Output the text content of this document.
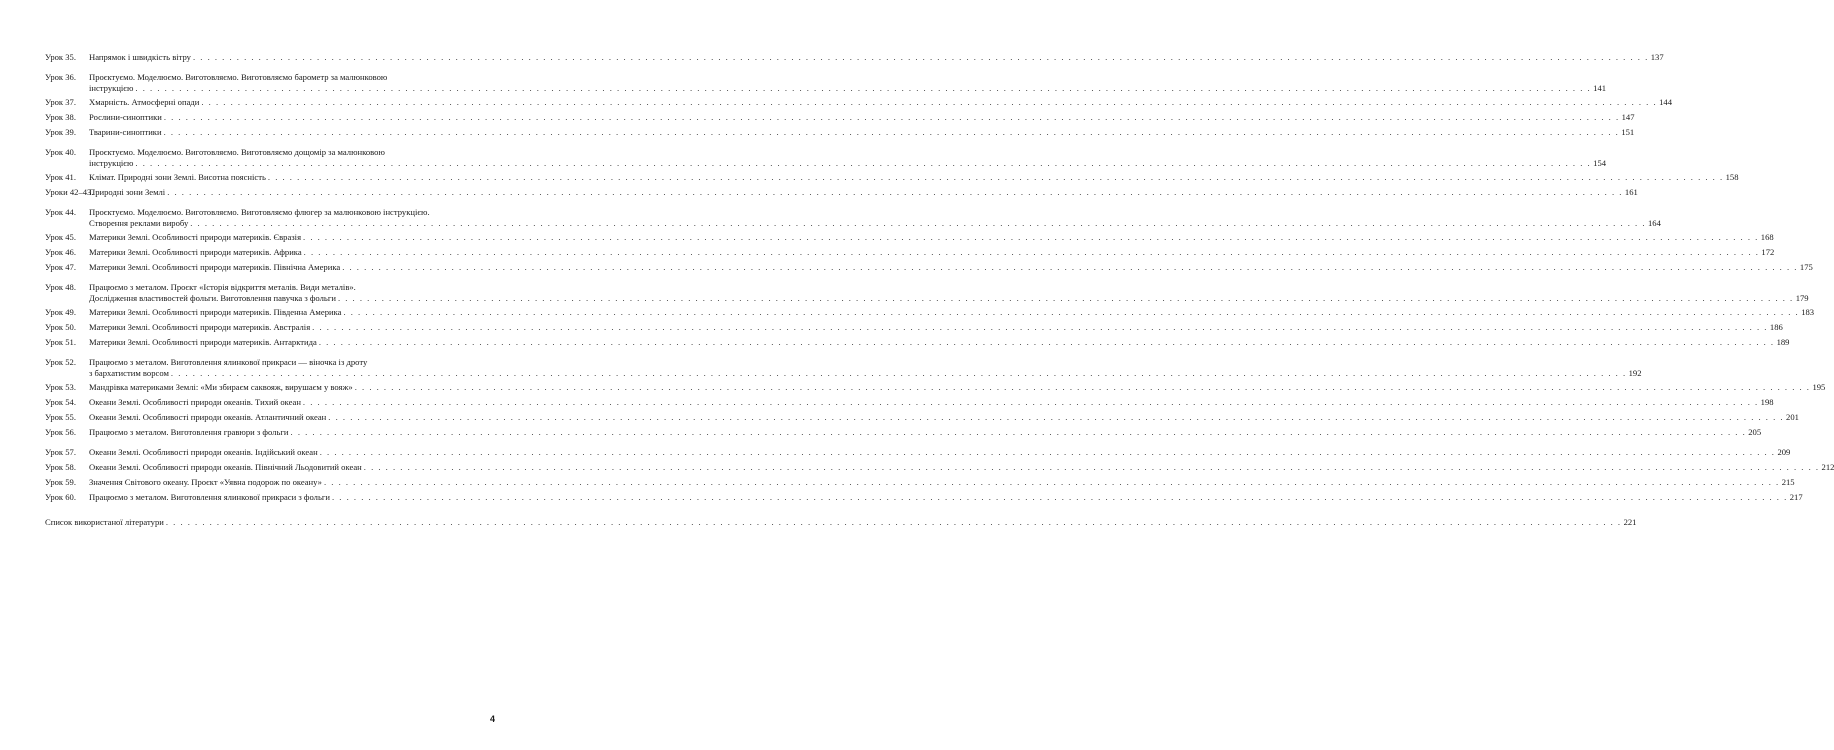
Урок 35. Напрямок і швидкість вітру . . . . . . . . . . . . . . . . . . . . . . . . . . . . . . . . . . . . . . . . . . . . . . . . . . . . . . . . . . . . . . . . . . . . . . . . . . . . . . . . . . . . . . . . . . . . . . . . . . . . . . . . . . . . . . . . . . . . . . . . . . . . . . . . . . . . . . . . . . . . . . . . . . . . . . . . . . . . . . . . . . . . . . . . . . . . . . . . . . . . . . . . . . . . . . . . . . . . . . . . 137
Урок 36. Проєктуємо. Моделюємо. Виготовляємо. Виготовляємо барометр за малюнковою
інструкцією . . . . . . . . . . . . . . . . . . . . . . . . . . . . . . . . . . . . . . . . . . . . . . . . . . . . . . . . . . . . . . . . . . . . . . . . . . . . . . . . . . . . . . . . . . . . . . . . . . . . . . . . . . . . . . . . . . . . . . . . . . . . . . . . . . . . . . . . . . . . . . . . . . . . . . . . . . . . . . . . . . . . . . . . . . . . . . . . . . . . . . . . . . . . . . . . . . . . . . . . 141
Урок 37. Хмарність. Атмосферні опади . . . . . . . . . . . . . . . . . . . . . . . . . . . . . . . . . . . . . . . . . . . . . . . . . . . . . . . . . . . . . . . . . . . . . . . . . . . . . . . . . . . . . . . . . . . . . . . . . . . . . . . . . . . . . . . . . . . . . . . . . . . . . . . . . . . . . . . . . . . . . . . . . . . . . . . . . . . . . . . . . . . . . . . . . . . . . . . . . . . . . . . . . . . . . . . . . . . . . . . . 144
Урок 38. Рослини-синоптики . . . . . . . . . . . . . . . . . . . . . . . . . . . . . . . . . . . . . . . . . . . . . . . . . . . . . . . . . . . . . . . . . . . . . . . . . . . . . . . . . . . . . . . . . . . . . . . . . . . . . . . . . . . . . . . . . . . . . . . . . . . . . . . . . . . . . . . . . . . . . . . . . . . . . . . . . . . . . . . . . . . . . . . . . . . . . . . . . . . . . . . . . . . . . . . . . . . . . . . . 147
Урок 39. Тварини-синоптики . . . . . . . . . . . . . . . . . . . . . . . . . . . . . . . . . . . . . . . . . . . . . . . . . . . . . . . . . . . . . . . . . . . . . . . . . . . . . . . . . . . . . . . . . . . . . . . . . . . . . . . . . . . . . . . . . . . . . . . . . . . . . . . . . . . . . . . . . . . . . . . . . . . . . . . . . . . . . . . . . . . . . . . . . . . . . . . . . . . . . . . . . . . . . . . . . . . . . . . . 151
Урок 40. Проєктуємо. Моделюємо. Виготовляємо. Виготовляємо дощомір за малюнковою
інструкцією . . . . . . . . . . . . . . . . . . . . . . . . . . . . . . . . . . . . . . . . . . . . . . . . . . . . . . . . . . . . . . . . . . . . . . . . . . . . . . . . . . . . . . . . . . . . . . . . . . . . . . . . . . . . . . . . . . . . . . . . . . . . . . . . . . . . . . . . . . . . . . . . . . . . . . . . . . . . . . . . . . . . . . . . . . . . . . . . . . . . . . . . . . . . . . . . . . . . . . . . 154
Урок 41. Клімат. Природні зони Землі. Висотна поясність . . . . . . . . . . . . . . . . . . . . . . . . . . . . . . . . . . . . . . . . . . . . . . . . . . . . . . . . . . . . . . . . . . . . . . . . . . . . . . . . . . . . . . . . . . . . . . . . . . . . . . . . . . . . . . . . . . . . . . . . . . . . . . . . . . . . . . . . . . . . . . . . . . . . . . . . . . . . . . . . . . . . . . . . . . . . . . . . . . . . . . . . . . . . . . . . . . . . . . . . 158
Уроки 42–43.
Природні зони Землі . . . . . . . . . . . . . . . . . . . . . . . . . . . . . . . . . . . . . . . . . . . . . . . . . . . . . . . . . . . . . . . . . . . . . . . . . . . . . . . . . . . . . . . . . . . . . . . . . . . . . . . . . . . . . . . . . . . . . . . . . . . . . . . . . . . . . . . . . . . . . . . . . . . . . . . . . . . . . . . . . . . . . . . . . . . . . . . . . . . . . . . . . . . . . . . . . . . . . . . . 161
Урок 44. Проєктуємо. Моделюємо. Виготовляємо. Виготовляємо флюгер за малюнковою інструкцією.
Створення реклами виробу . . . . . . . . . . . . . . . . . . . . . . . . . . . . . . . . . . . . . . . . . . . . . . . . . . . . . . . . . . . . . . . . . . . . . . . . . . . . . . . . . . . . . . . . . . . . . . . . . . . . . . . . . . . . . . . . . . . . . . . . . . . . . . . . . . . . . . . . . . . . . . . . . . . . . . . . . . . . . . . . . . . . . . . . . . . . . . . . . . . . . . . . . . . . . . . . . . . . . . . . 164
Урок 45. Материки Землі. Особливості природи материків. Євразія . . . . . . . . . . . . . . . . . . . . . . . . . . . . . . . . . . . . . . . . . . . . . . . . . . . . . . . . . . . . . . . . . . . . . . . . . . . . . . . . . . . . . . . . . . . . . . . . . . . . . . . . . . . . . . . . . . . . . . . . . . . . . . . . . . . . . . . . . . . . . . . . . . . . . . . . . . . . . . . . . . . . . . . . . . . . . . . . . . . . . . . . . . . . . . . . . . . . . . . . 168
Урок 46. Материки Землі. Особливості природи материків. Африка . . . . . . . . . . . . . . . . . . . . . . . . . . . . . . . . . . . . . . . . . . . . . . . . . . . . . . . . . . . . . . . . . . . . . . . . . . . . . . . . . . . . . . . . . . . . . . . . . . . . . . . . . . . . . . . . . . . . . . . . . . . . . . . . . . . . . . . . . . . . . . . . . . . . . . . . . . . . . . . . . . . . . . . . . . . . . . . . . . . . . . . . . . . . . . . . . . . . . . . . 172
Урок 47. Материки Землі. Особливості природи материків. Північна Америка . . . . . . . . . . . . . . . . . . . . . . . . . . . . . . . . . . . . . . . . . . . . . . . . . . . . . . . . . . . . . . . . . . . . . . . . . . . . . . . . . . . . . . . . . . . . . . . . . . . . . . . . . . . . . . . . . . . . . . . . . . . . . . . . . . . . . . . . . . . . . . . . . . . . . . . . . . . . . . . . . . . . . . . . . . . . . . . . . . . . . . . . . . . . . . . . . . . . . . . . 175
Урок 48. Працюємо з металом. Проєкт «Історія відкриття металів. Види металів».
Дослідження властивостей фольги. Виготовлення павучка з фольги . . . . . . . . . . . . . . . . . . . . . . . . . . . . . . . . . . . . . . . . . . . . . . . . . . . . . . . . . . . . . . . . . . . . . . . . . . . . . . . . . . . . . . . . . . . . . . . . . . . . . . . . . . . . . . . . . . . . . . . . . . . . . . . . . . . . . . . . . . . . . . . . . . . . . . . . . . . . . . . . . . . . . . . . . . . . . . . . . . . . . . . . . . . . . . . . . . . . . . . . 179
Урок 49. Материки Землі. Особливості природи материків. Південна Америка . . . . . . . . . . . . . . . . . . . . . . . . . . . . . . . . . . . . . . . . . . . . . . . . . . . . . . . . . . . . . . . . . . . . . . . . . . . . . . . . . . . . . . . . . . . . . . . . . . . . . . . . . . . . . . . . . . . . . . . . . . . . . . . . . . . . . . . . . . . . . . . . . . . . . . . . . . . . . . . . . . . . . . . . . . . . . . . . . . . . . . . . . . . . . . . . . . . . . . . . 183
Урок 50. Материки Землі. Особливості природи материків. Австралія . . . . . . . . . . . . . . . . . . . . . . . . . . . . . . . . . . . . . . . . . . . . . . . . . . . . . . . . . . . . . . . . . . . . . . . . . . . . . . . . . . . . . . . . . . . . . . . . . . . . . . . . . . . . . . . . . . . . . . . . . . . . . . . . . . . . . . . . . . . . . . . . . . . . . . . . . . . . . . . . . . . . . . . . . . . . . . . . . . . . . . . . . . . . . . . . . . . . . . . . 186
Урок 51. Материки Землі. Особливості природи материків. Антарктида . . . . . . . . . . . . . . . . . . . . . . . . . . . . . . . . . . . . . . . . . . . . . . . . . . . . . . . . . . . . . . . . . . . . . . . . . . . . . . . . . . . . . . . . . . . . . . . . . . . . . . . . . . . . . . . . . . . . . . . . . . . . . . . . . . . . . . . . . . . . . . . . . . . . . . . . . . . . . . . . . . . . . . . . . . . . . . . . . . . . . . . . . . . . . . . . . . . . . . . . 189
Урок 52. Працюємо з металом. Виготовлення ялинкової прикраси — віночка із дроту
з бархатистим ворсом . . . . . . . . . . . . . . . . . . . . . . . . . . . . . . . . . . . . . . . . . . . . . . . . . . . . . . . . . . . . . . . . . . . . . . . . . . . . . . . . . . . . . . . . . . . . . . . . . . . . . . . . . . . . . . . . . . . . . . . . . . . . . . . . . . . . . . . . . . . . . . . . . . . . . . . . . . . . . . . . . . . . . . . . . . . . . . . . . . . . . . . . . . . . . . . . . . . . . . . . 192
Урок 53. Мандрівка материками Землі: «Ми збираєм саквояж, вирушаєм у вояж» . . . . . . . . . . . . . . . . . . . . . . . . . . . . . . . . . . . . . . . . . . . . . . . . . . . . . . . . . . . . . . . . . . . . . . . . . . . . . . . . . . . . . . . . . . . . . . . . . . . . . . . . . . . . . . . . . . . . . . . . . . . . . . . . . . . . . . . . . . . . . . . . . . . . . . . . . . . . . . . . . . . . . . . . . . . . . . . . . . . . . . . . . . . . . . . . . . . . . . . . 195
Урок 54. Океани Землі. Особливості природи океанів. Тихий океан . . . . . . . . . . . . . . . . . . . . . . . . . . . . . . . . . . . . . . . . . . . . . . . . . . . . . . . . . . . . . . . . . . . . . . . . . . . . . . . . . . . . . . . . . . . . . . . . . . . . . . . . . . . . . . . . . . . . . . . . . . . . . . . . . . . . . . . . . . . . . . . . . . . . . . . . . . . . . . . . . . . . . . . . . . . . . . . . . . . . . . . . . . . . . . . . . . . . . . . . 198
Урок 55. Океани Землі. Особливості природи океанів. Атлантичний океан . . . . . . . . . . . . . . . . . . . . . . . . . . . . . . . . . . . . . . . . . . . . . . . . . . . . . . . . . . . . . . . . . . . . . . . . . . . . . . . . . . . . . . . . . . . . . . . . . . . . . . . . . . . . . . . . . . . . . . . . . . . . . . . . . . . . . . . . . . . . . . . . . . . . . . . . . . . . . . . . . . . . . . . . . . . . . . . . . . . . . . . . . . . . . . . . . . . . . . . . 201
Урок 56. Працюємо з металом. Виготовлення гравюри з фольги . . . . . . . . . . . . . . . . . . . . . . . . . . . . . . . . . . . . . . . . . . . . . . . . . . . . . . . . . . . . . . . . . . . . . . . . . . . . . . . . . . . . . . . . . . . . . . . . . . . . . . . . . . . . . . . . . . . . . . . . . . . . . . . . . . . . . . . . . . . . . . . . . . . . . . . . . . . . . . . . . . . . . . . . . . . . . . . . . . . . . . . . . . . . . . . . . . . . . . . . 205
Урок 57. Океани Землі. Особливості природи океанів. Індійський океан . . . . . . . . . . . . . . . . . . . . . . . . . . . . . . . . . . . . . . . . . . . . . . . . . . . . . . . . . . . . . . . . . . . . . . . . . . . . . . . . . . . . . . . . . . . . . . . . . . . . . . . . . . . . . . . . . . . . . . . . . . . . . . . . . . . . . . . . . . . . . . . . . . . . . . . . . . . . . . . . . . . . . . . . . . . . . . . . . . . . . . . . . . . . . . . . . . . . . . . . 209
Урок 58. Океани Землі. Особливості природи океанів. Північний Льодовитий океан . . . . . . . . . . . . . . . . . . . . . . . . . . . . . . . . . . . . . . . . . . . . . . . . . . . . . . . . . . . . . . . . . . . . . . . . . . . . . . . . . . . . . . . . . . . . . . . . . . . . . . . . . . . . . . . . . . . . . . . . . . . . . . . . . . . . . . . . . . . . . . . . . . . . . . . . . . . . . . . . . . . . . . . . . . . . . . . . . . . . . . . . . . . . . . . . . . . . . . . . 212
Урок 59. Значення Світового океану. Проєкт «Уявна подорож по океану» . . . . . . . . . . . . . . . . . . . . . . . . . . . . . . . . . . . . . . . . . . . . . . . . . . . . . . . . . . . . . . . . . . . . . . . . . . . . . . . . . . . . . . . . . . . . . . . . . . . . . . . . . . . . . . . . . . . . . . . . . . . . . . . . . . . . . . . . . . . . . . . . . . . . . . . . . . . . . . . . . . . . . . . . . . . . . . . . . . . . . . . . . . . . . . . . . . . . . . . . 215
Урок 60. Працюємо з металом. Виготовлення ялинкової прикраси з фольги . . . . . . . . . . . . . . . . . . . . . . . . . . . . . . . . . . . . . . . . . . . . . . . . . . . . . . . . . . . . . . . . . . . . . . . . . . . . . . . . . . . . . . . . . . . . . . . . . . . . . . . . . . . . . . . . . . . . . . . . . . . . . . . . . . . . . . . . . . . . . . . . . . . . . . . . . . . . . . . . . . . . . . . . . . . . . . . . . . . . . . . . . . . . . . . . . . . . . . . . 217
Список використаної літератури . . . . . . . . . . . . . . . . . . . . . . . . . . . . . . . . . . . . . . . . . . . . . . . . . . . . . . . . . . . . . . . . . . . . . . . . . . . . . . . . . . . . . . . . . . . . . . . . . . . . . . . . . . . . . . . . . . . . . . . . . . . . . . . . . . . . . . . . . . . . . . . . . . . . . . . . . . . . . . . . . . . . . . . . . . . . . . . . . . . . . . . . . . . . . . . . . . . . . . . . 221
4
